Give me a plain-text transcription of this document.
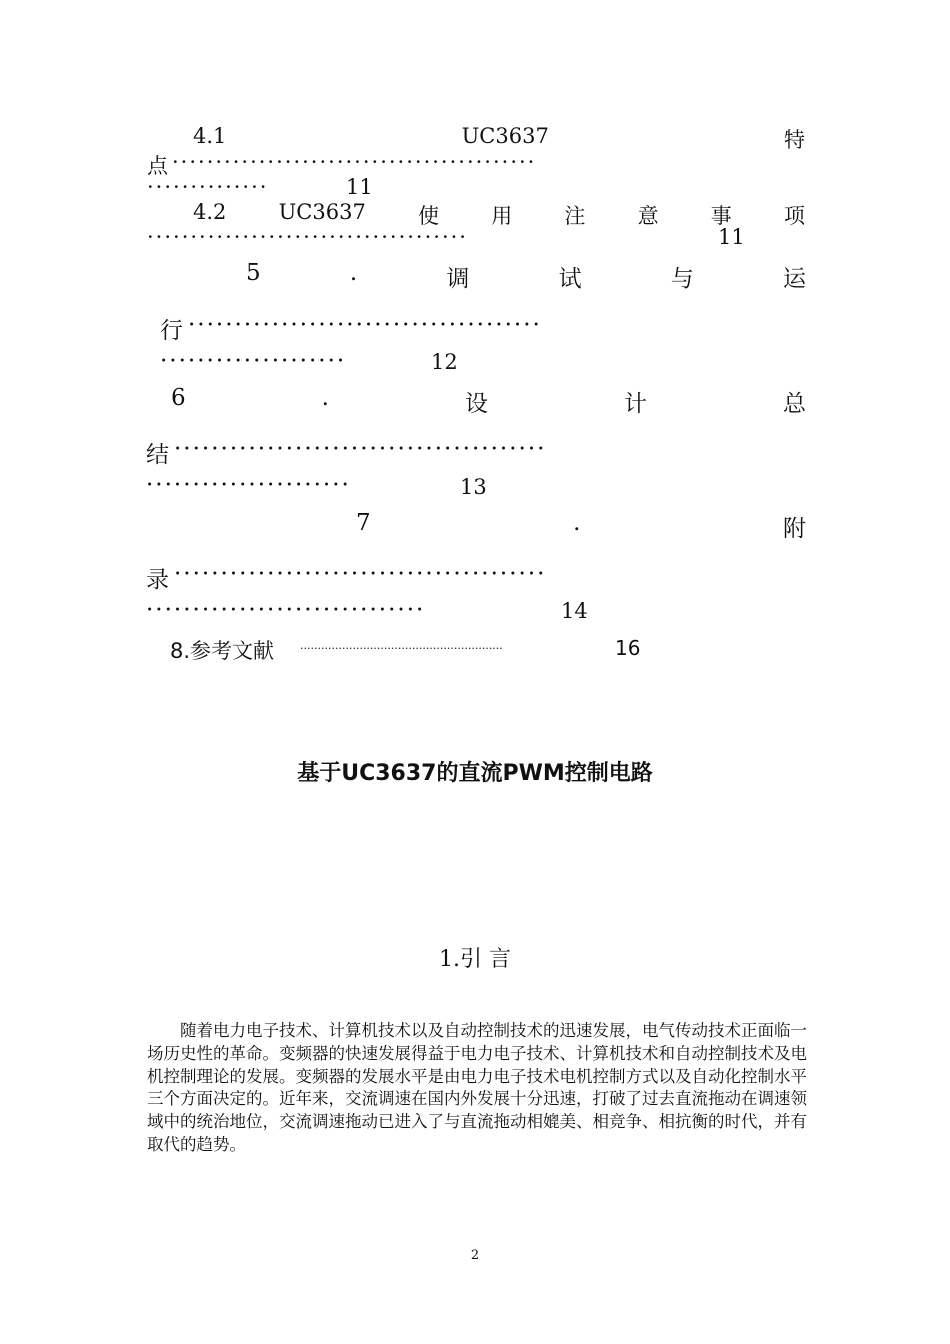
4.1	UC3637	特
点 ··········································
··············	11
4.2 UC3637 使 用 注 意 事 项
·····································	11
5	.	调	试	与	运
行 ······································
····················	12
6	.	设	计	总
结 ········································
······················	13
7	.	附
录 ········································
······························	14
8.参考文献 ··························································	16
基于UC3637的直流PWM控制电路
1.引 言

随着电力电子技术、计算机技术以及自动控制技术的迅速发展，电气传动技术正面临一场历史性的革命。变频器的快速发展得益于电力电子技术、计算机技术和自动控制技术及电机控制理论的发展。变频器的发展水平是由电力电子技术电机控制方式以及自动化控制水平三个方面决定的。近年来，交流调速在国内外发展十分迅速，打破了过去直流拖动在调速领域中的统治地位，交流调速拖动已进入了与直流拖动相媲美、相竞争、相抗衡的时代，并有取代的趋势。

2
